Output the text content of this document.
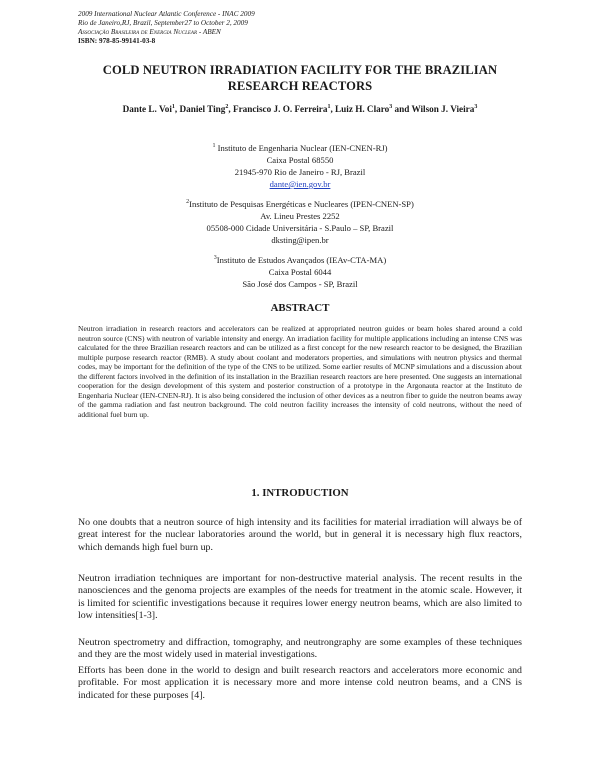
2009 International Nuclear Atlantic Conference - INAC 2009
Rio de Janeiro,RJ, Brazil, September27 to October 2, 2009
Associação Brasileira de Energia Nuclear - ABEN
ISBN: 978-85-99141-03-8
COLD NEUTRON IRRADIATION FACILITY FOR THE BRAZILIAN
RESEARCH REACTORS
Dante L. Voi$^1$, Daniel Ting$^2$, Francisco J. O. Ferreira$^1$, Luiz H. Claro$^3$ and Wilson J. Vieira$^3$
$^1$ Instituto de Engenharia Nuclear (IEN-CNEN-RJ)
Caixa Postal 68550
21945-970 Rio de Janeiro - RJ, Brazil
dante@ien.gov.br
$^2$Instituto de Pesquisas Energéticas e Nucleares (IPEN-CNEN-SP)
Av. Lineu Prestes 2252
05508-000 Cidade Universitária - S.Paulo – SP, Brazil
dksting@ipen.br
$^3$Instituto de Estudos Avançados (IEAv-CTA-MA)
Caixa Postal 6044
São José dos Campos - SP, Brazil
ABSTRACT

Neutron irradiation in research reactors and accelerators can be realized at appropriated neutron guides or beam holes shared around a cold neutron source (CNS) with neutron of variable intensity and energy. An irradiation facility for multiple applications including an intense CNS was calculated for the three Brazilian research reactors and can be utilized as a first concept for the new research reactor to be designed, the Brazilian multiple purpose research reactor (RMB). A study about coolant and moderators properties, and simulations with neutron physics and thermal codes, may be important for the definition of the type of the CNS to be utilized. Some earlier results of MCNP simulations and a discussion about the different factors involved in the definition of its installation in the Brazilian research reactors are here presented. One suggests an international cooperation for the design development of this system and posterior construction of a prototype in the Argonauta reactor at the Instituto de Engenharia Nuclear (IEN-CNEN-RJ). It is also being considered the inclusion of other devices as a neutron fiber to guide the neutron beams away of the gamma radiation and fast neutron background. The cold neutron facility increases the intensity of cold neutrons, without the need of additional fuel burn up.

1. INTRODUCTION

No one doubts that a neutron source of high intensity and its facilities for material irradiation will always be of great interest for the nuclear laboratories around the world, but in general it is necessary high flux reactors, which demands high fuel burn up.

Neutron irradiation techniques are important for non-destructive material analysis. The recent results in the nanosciences and the genoma projects are examples of the needs for treatment in the atomic scale. However, it is limited for scientific investigations because it requires lower energy neutron beams, which are also limited to low intensities[1-3].

Neutron spectrometry and diffraction, tomography, and neutrongraphy are some examples of these techniques and they are the most widely used in material investigations.

Efforts has been done in the world to design and built research reactors and accelerators more economic and profitable. For most application it is necessary more and more intense cold neutron beams, and a CNS is indicated for these purposes [4].
